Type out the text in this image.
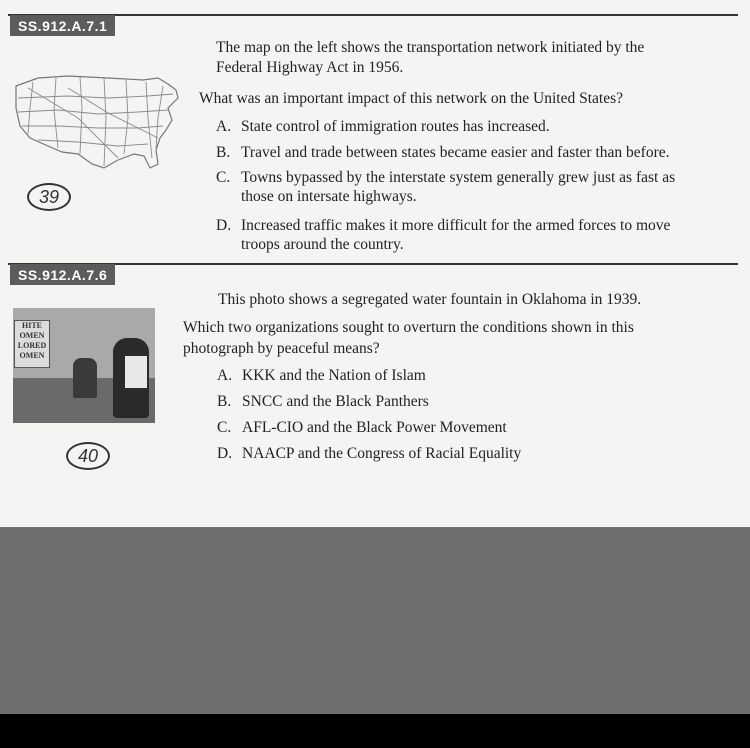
SS.912.A.7.1
39
The map on the left shows the transportation network initiated by the
Federal Highway Act in 1956.
What was an important impact of this network on the United States?
A. State control of immigration routes has increased.
B. Travel and trade between states became easier and faster than before.
C. Towns bypassed by the interstate system generally grew just as fast as
those on intersate highways.
D. Increased traffic makes it more difficult for the armed forces to move
troops around the country.
SS.912.A.7.6
HITE
OMEN
LORED
OMEN
40
This photo shows a segregated water fountain in Oklahoma in 1939.
Which two organizations sought to overturn the conditions shown in this
photograph by peaceful means?
A. KKK and the Nation of Islam
B. SNCC and the Black Panthers
C. AFL-CIO and the Black Power Movement
D. NAACP and the Congress of Racial Equality
